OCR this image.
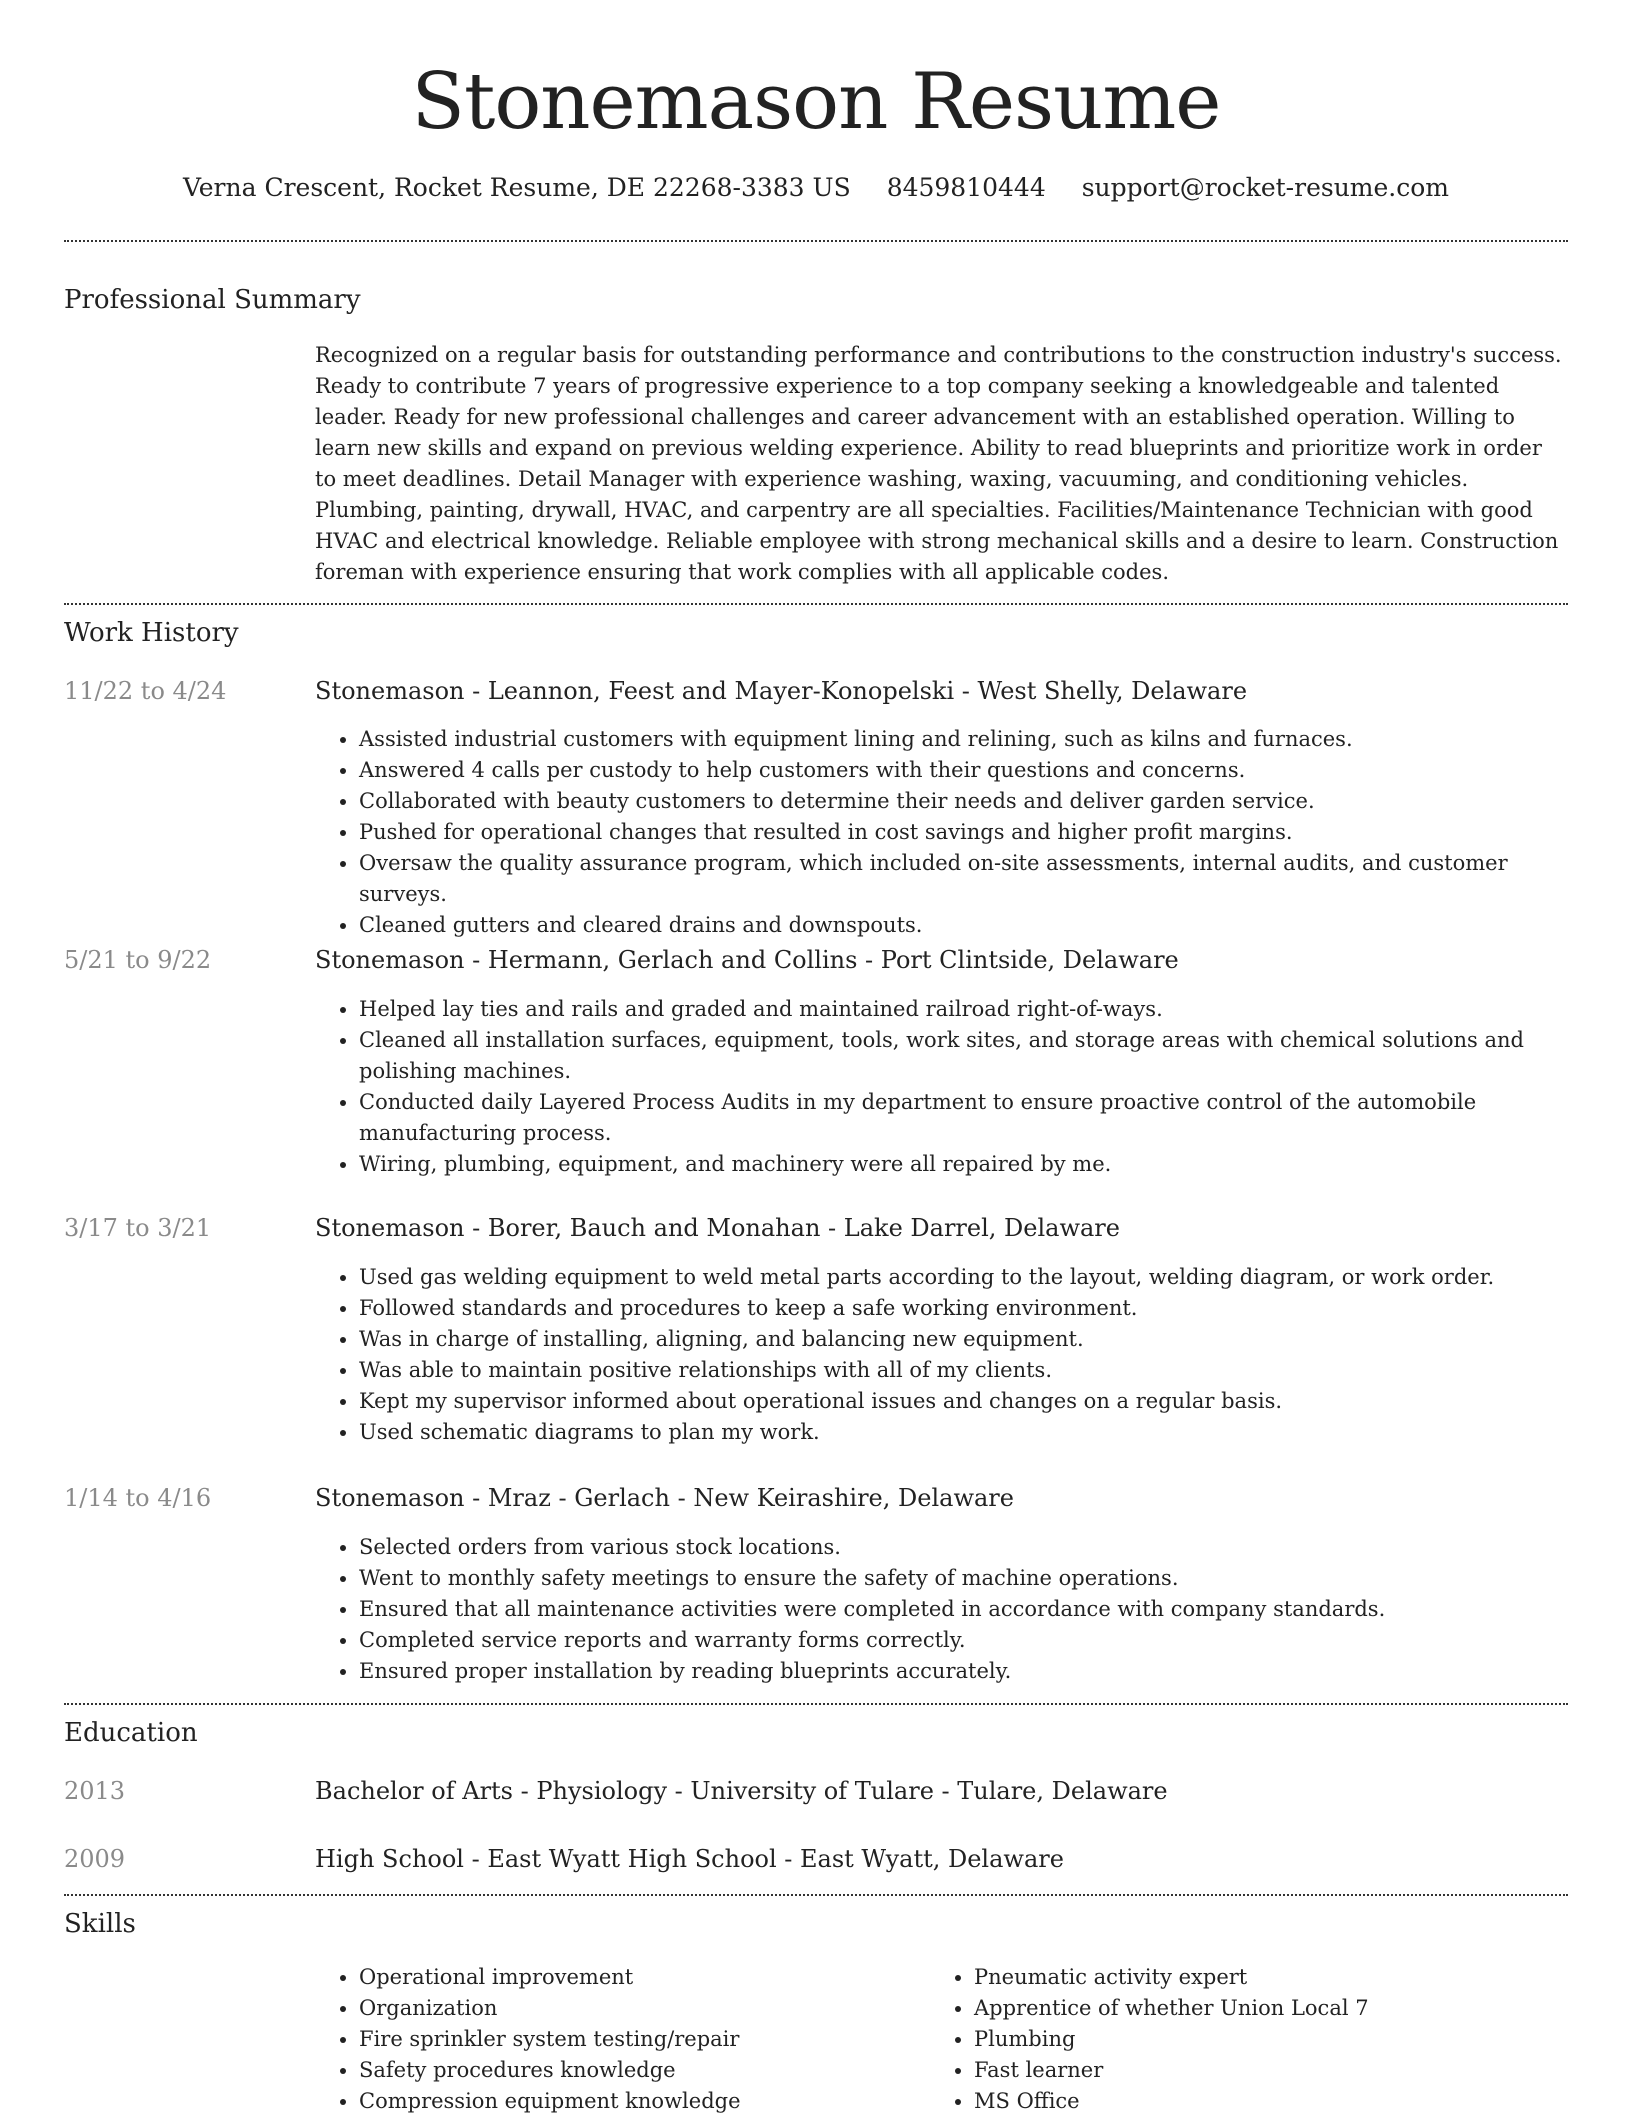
Stonemason Resume
Verna Crescent, Rocket Resume, DE 22268-3383 US 8459810444 support@rocket-resume.com
Professional Summary

Recognized on a regular basis for outstanding performance and contributions to the construction industry's success. Ready to contribute 7 years of progressive experience to a top company seeking a knowledgeable and talented leader. Ready for new professional challenges and career advancement with an established operation. Willing to learn new skills and expand on previous welding experience. Ability to read blueprints and prioritize work in order to meet deadlines. Detail Manager with experience washing, waxing, vacuuming, and conditioning vehicles. Plumbing, painting, drywall, HVAC, and carpentry are all specialties. Facilities/Maintenance Technician with good HVAC and electrical knowledge. Reliable employee with strong mechanical skills and a desire to learn. Construction foreman with experience ensuring that work complies with all applicable codes.

Work History
11/22 to 4/24	Stonemason - Leannon, Feest and Mayer-Konopelski - West Shelly, Delaware
• Assisted industrial customers with equipment lining and relining, such as kilns and furnaces.
• Answered 4 calls per custody to help customers with their questions and concerns.
• Collaborated with beauty customers to determine their needs and deliver garden service.
• Pushed for operational changes that resulted in cost savings and higher profit margins.
• Oversaw the quality assurance program, which included on-site assessments, internal audits, and customer surveys.
• Cleaned gutters and cleared drains and downspouts.
5/21 to 9/22	Stonemason - Hermann, Gerlach and Collins - Port Clintside, Delaware
• Helped lay ties and rails and graded and maintained railroad right-of-ways.
• Cleaned all installation surfaces, equipment, tools, work sites, and storage areas with chemical solutions and polishing machines.
• Conducted daily Layered Process Audits in my department to ensure proactive control of the automobile manufacturing process.
• Wiring, plumbing, equipment, and machinery were all repaired by me.
3/17 to 3/21	Stonemason - Borer, Bauch and Monahan - Lake Darrel, Delaware
• Used gas welding equipment to weld metal parts according to the layout, welding diagram, or work order.
• Followed standards and procedures to keep a safe working environment.
• Was in charge of installing, aligning, and balancing new equipment.
• Was able to maintain positive relationships with all of my clients.
• Kept my supervisor informed about operational issues and changes on a regular basis.
• Used schematic diagrams to plan my work.
1/14 to 4/16	Stonemason - Mraz - Gerlach - New Keirashire, Delaware
• Selected orders from various stock locations.
• Went to monthly safety meetings to ensure the safety of machine operations.
• Ensured that all maintenance activities were completed in accordance with company standards.
• Completed service reports and warranty forms correctly.
• Ensured proper installation by reading blueprints accurately.
Education
2013	Bachelor of Arts - Physiology - University of Tulare - Tulare, Delaware
2009	High School - East Wyatt High School - East Wyatt, Delaware
Skills
• Operational improvement
• Organization
• Fire sprinkler system testing/repair
• Safety procedures knowledge
• Compression equipment knowledge
• Pneumatic activity expert
• Apprentice of whether Union Local 7
• Plumbing
• Fast learner
• MS Office
